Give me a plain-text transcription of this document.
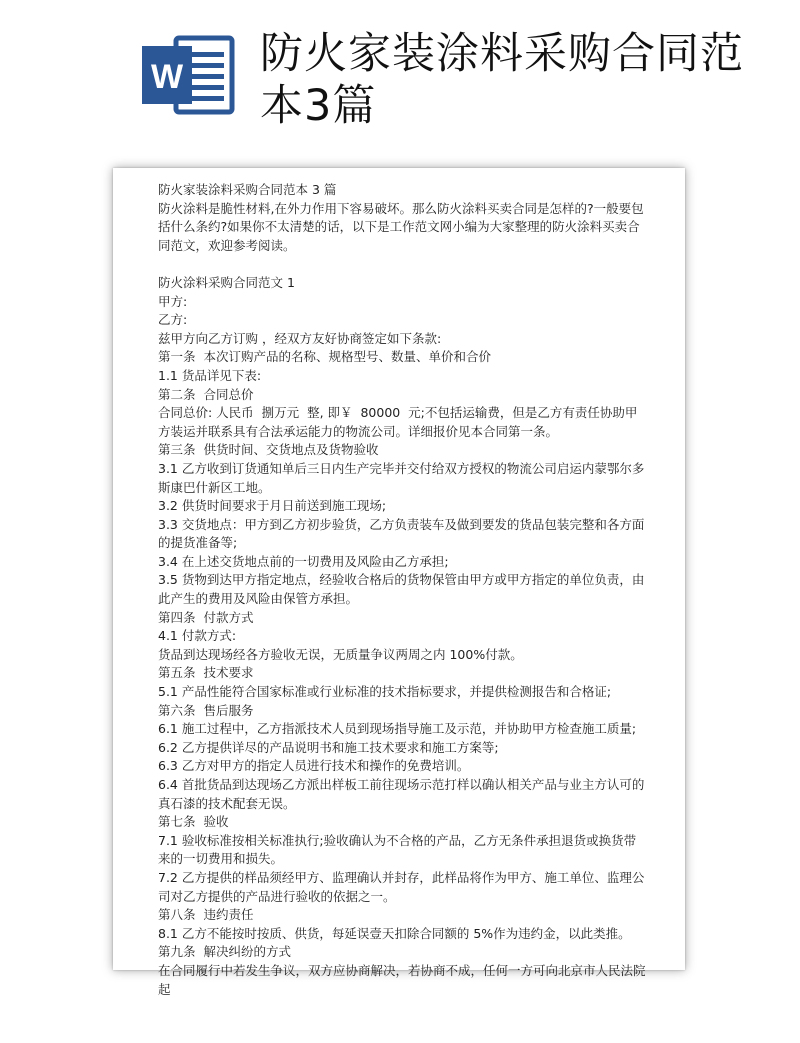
W 防火家装涂料采购合同范本3篇

防火家装涂料采购合同范本 3 篇

防火涂料是脆性材料,在外力作用下容易破坏。那么防火涂料买卖合同是怎样的?一般要包括什么条约?如果你不太清楚的话，以下是工作范文网小编为大家整理的防火涂料买卖合同范文，欢迎参考阅读。

防火涂料采购合同范文 1

甲方:

乙方:

兹甲方向乙方订购 ，经双方友好协商签定如下条款:

第一条  本次订购产品的名称、规格型号、数量、单价和合价

1.1 货品详见下表:

第二条  合同总价

合同总价: 人民币  捌万元  整, 即￥  80000  元;不包括运输费，但是乙方有责任协助甲方装运并联系具有合法承运能力的物流公司。详细报价见本合同第一条。

第三条  供货时间、交货地点及货物验收

3.1 乙方收到订货通知单后三日内生产完毕并交付给双方授权的物流公司启运内蒙鄂尔多斯康巴什新区工地。

3.2 供货时间要求于月日前送到施工现场;

3.3 交货地点：甲方到乙方初步验货，乙方负责装车及做到要发的货品包装完整和各方面的提货准备等;

3.4 在上述交货地点前的一切费用及风险由乙方承担;

3.5 货物到达甲方指定地点，经验收合格后的货物保管由甲方或甲方指定的单位负责，由此产生的费用及风险由保管方承担。

第四条  付款方式

4.1 付款方式:

货品到达现场经各方验收无误，无质量争议两周之内 100%付款。

第五条  技术要求

5.1 产品性能符合国家标准或行业标准的技术指标要求，并提供检测报告和合格证;

第六条  售后服务

6.1 施工过程中，乙方指派技术人员到现场指导施工及示范，并协助甲方检查施工质量;

6.2 乙方提供详尽的产品说明书和施工技术要求和施工方案等;

6.3 乙方对甲方的指定人员进行技术和操作的免费培训。

6.4 首批货品到达现场乙方派出样板工前往现场示范打样以确认相关产品与业主方认可的真石漆的技术配套无误。

第七条  验收

7.1 验收标准按相关标准执行;验收确认为不合格的产品，乙方无条件承担退货或换货带来的一切费用和损失。

7.2 乙方提供的样品须经甲方、监理确认并封存，此样品将作为甲方、施工单位、监理公司对乙方提供的产品进行验收的依据之一。

第八条  违约责任

8.1 乙方不能按时按质、供货，每延误壹天扣除合同额的 5%作为违约金，以此类推。

第九条  解决纠纷的方式

在合同履行中若发生争议，双方应协商解决，若协商不成，任何一方可向北京市人民法院起
